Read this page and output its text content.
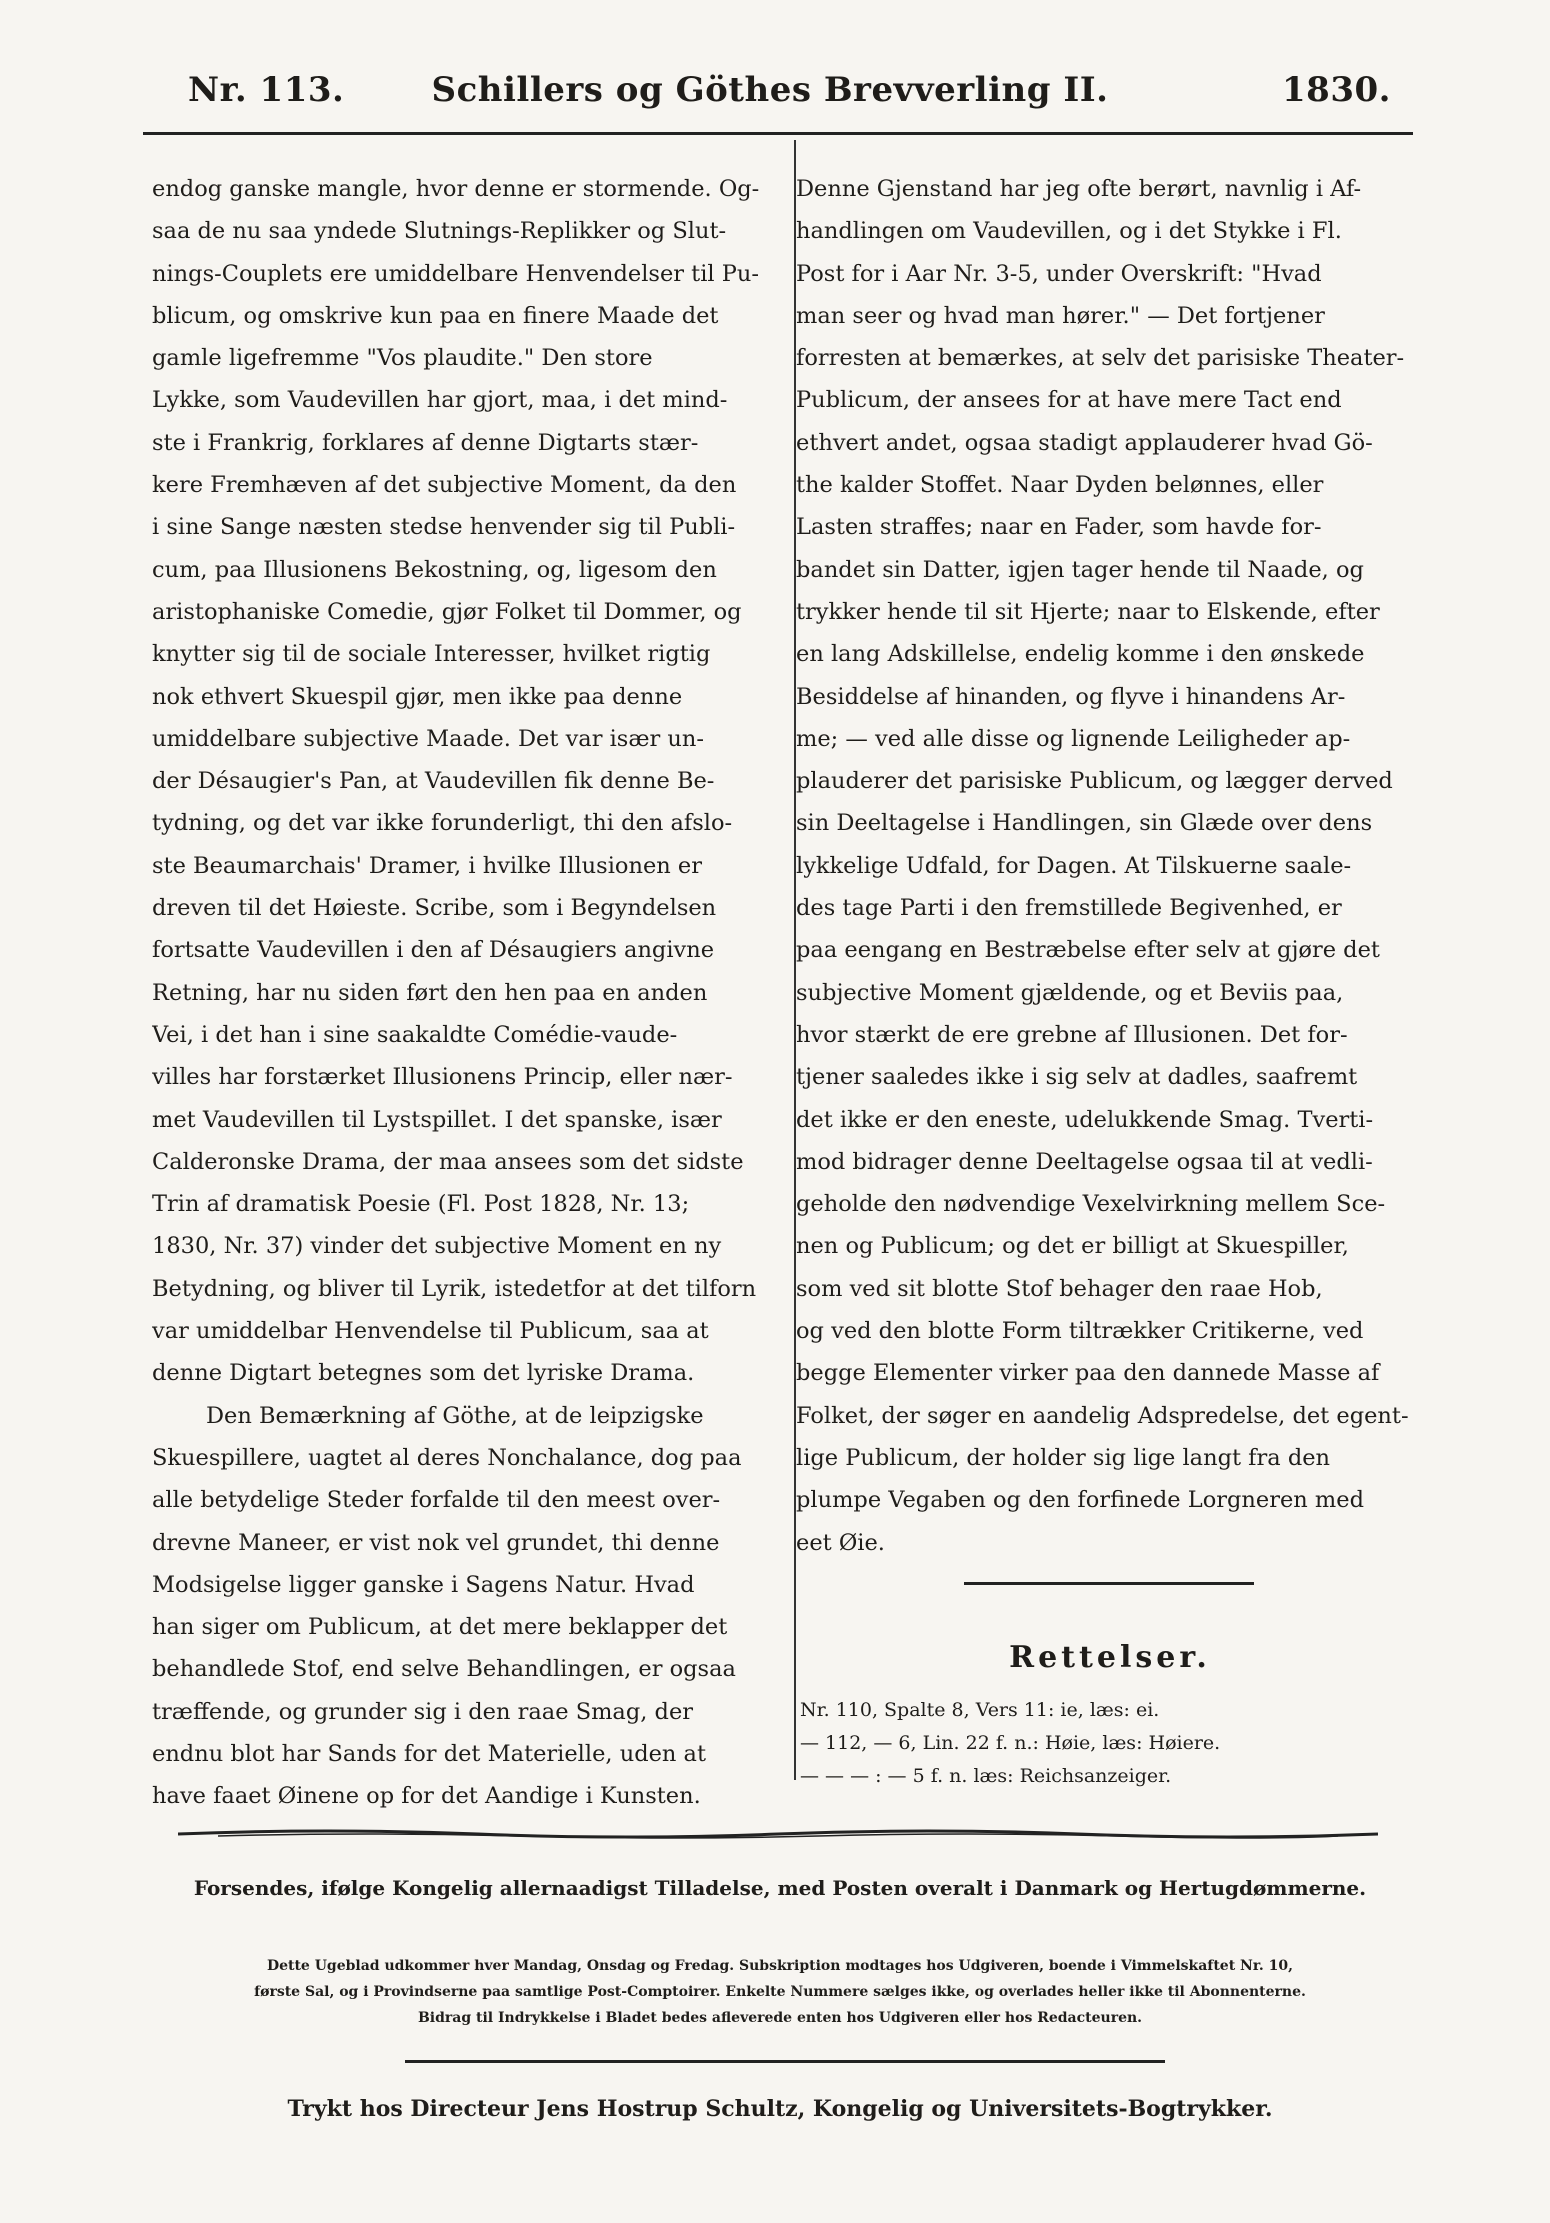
Nr. 113.	Schillers og Göthes Brevverling II.	1830.
endog ganske mangle, hvor denne er stormende. Og-
saa de nu saa yndede Slutnings-Replikker og Slut-
nings-Couplets ere umiddelbare Henvendelser til Pu-
blicum, og omskrive kun paa en finere Maade det
gamle ligefremme "Vos plaudite." Den store
Lykke, som Vaudevillen har gjort, maa, i det mind-
ste i Frankrig, forklares af denne Digtarts stær-
kere Fremhæven af det subjective Moment, da den
i sine Sange næsten stedse henvender sig til Publi-
cum, paa Illusionens Bekostning, og, ligesom den
aristophaniske Comedie, gjør Folket til Dommer, og
knytter sig til de sociale Interesser, hvilket rigtig
nok ethvert Skuespil gjør, men ikke paa denne
umiddelbare subjective Maade. Det var især un-
der Désaugier's Pan, at Vaudevillen fik denne Be-
tydning, og det var ikke forunderligt, thi den afslo-
ste Beaumarchais' Dramer, i hvilke Illusionen er
dreven til det Høieste. Scribe, som i Begyndelsen
fortsatte Vaudevillen i den af Désaugiers angivne
Retning, har nu siden ført den hen paa en anden
Vei, i det han i sine saakaldte Comédie-vaude-
villes har forstærket Illusionens Princip, eller nær-
met Vaudevillen til Lystspillet. I det spanske, især
Calderonske Drama, der maa ansees som det sidste
Trin af dramatisk Poesie (Fl. Post 1828, Nr. 13;
1830, Nr. 37) vinder det subjective Moment en ny
Betydning, og bliver til Lyrik, istedetfor at det tilforn
var umiddelbar Henvendelse til Publicum, saa at
denne Digtart betegnes som det lyriske Drama.
Den Bemærkning af Göthe, at de leipzigske
Skuespillere, uagtet al deres Nonchalance, dog paa
alle betydelige Steder forfalde til den meest over-
drevne Maneer, er vist nok vel grundet, thi denne
Modsigelse ligger ganske i Sagens Natur. Hvad
han siger om Publicum, at det mere beklapper det
behandlede Stof, end selve Behandlingen, er ogsaa
træffende, og grunder sig i den raae Smag, der
endnu blot har Sands for det Materielle, uden at
have faaet Øinene op for det Aandige i Kunsten.
Denne Gjenstand har jeg ofte berørt, navnlig i Af-
handlingen om Vaudevillen, og i det Stykke i Fl.
Post for i Aar Nr. 3-5, under Overskrift: "Hvad
man seer og hvad man hører." — Det fortjener
forresten at bemærkes, at selv det parisiske Theater-
Publicum, der ansees for at have mere Tact end
ethvert andet, ogsaa stadigt applauderer hvad Gö-
the kalder Stoffet. Naar Dyden belønnes, eller
Lasten straffes; naar en Fader, som havde for-
bandet sin Datter, igjen tager hende til Naade, og
trykker hende til sit Hjerte; naar to Elskende, efter
en lang Adskillelse, endelig komme i den ønskede
Besiddelse af hinanden, og flyve i hinandens Ar-
me; — ved alle disse og lignende Leiligheder ap-
plauderer det parisiske Publicum, og lægger derved
sin Deeltagelse i Handlingen, sin Glæde over dens
lykkelige Udfald, for Dagen. At Tilskuerne saale-
des tage Parti i den fremstillede Begivenhed, er
paa eengang en Bestræbelse efter selv at gjøre det
subjective Moment gjældende, og et Beviis paa,
hvor stærkt de ere grebne af Illusionen. Det for-
tjener saaledes ikke i sig selv at dadles, saafremt
det ikke er den eneste, udelukkende Smag. Tverti-
mod bidrager denne Deeltagelse ogsaa til at vedli-
geholde den nødvendige Vexelvirkning mellem Sce-
nen og Publicum; og det er billigt at Skuespiller,
som ved sit blotte Stof behager den raae Hob,
og ved den blotte Form tiltrækker Critikerne, ved
begge Elementer virker paa den dannede Masse af
Folket, der søger en aandelig Adspredelse, det egent-
lige Publicum, der holder sig lige langt fra den
plumpe Vegaben og den forfinede Lorgneren med
eet Øie.
Rettelser.
Nr. 110, Spalte 8, Vers 11: ie, læs: ei.
— 112, — 6, Lin. 22 f. n.: Høie, læs: Høiere.
— — — : — 5 f. n. læs: Reichsanzeiger.
Forsendes, ifølge Kongelig allernaadigst Tilladelse, med Posten overalt i Danmark og Hertugdømmerne.
Dette Ugeblad udkommer hver Mandag, Onsdag og Fredag. Subskription modtages hos Udgiveren, boende i Vimmelskaftet Nr. 10,
første Sal, og i Provindserne paa samtlige Post-Comptoirer. Enkelte Nummere sælges ikke, og overlades heller ikke til Abonnenterne.
Bidrag til Indrykkelse i Bladet bedes afleverede enten hos Udgiveren eller hos Redacteuren.
Trykt hos Directeur Jens Hostrup Schultz, Kongelig og Universitets-Bogtrykker.
